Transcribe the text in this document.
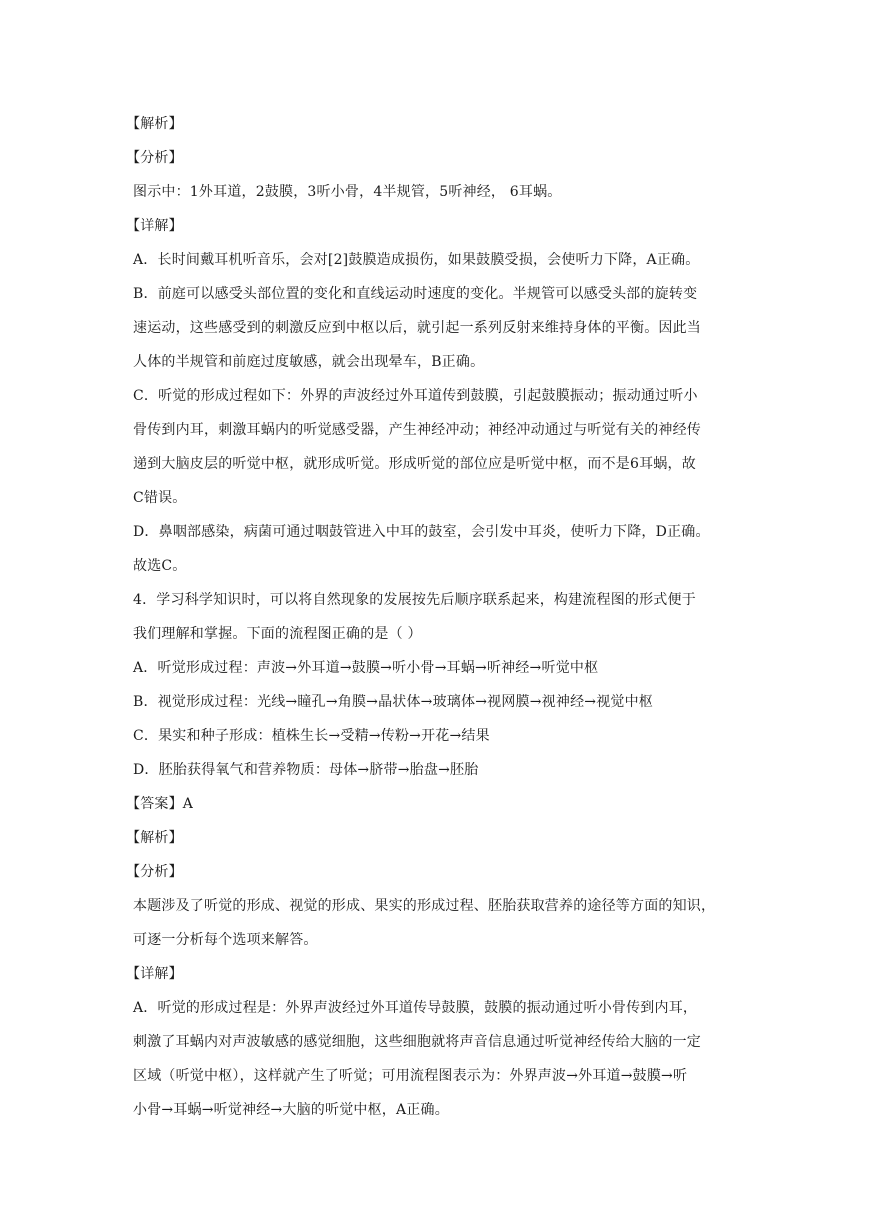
【解析】
【分析】
图示中：1外耳道，2鼓膜，3听小骨，4半规管，5听神经， 6耳蜗。
【详解】
A．长时间戴耳机听音乐，会对[2]鼓膜造成损伤，如果鼓膜受损，会使听力下降，A正确。
B．前庭可以感受头部位置的变化和直线运动时速度的变化。半规管可以感受头部的旋转变
速运动，这些感受到的刺激反应到中枢以后，就引起一系列反射来维持身体的平衡。因此当
人体的半规管和前庭过度敏感，就会出现晕车，B正确。
C．听觉的形成过程如下：外界的声波经过外耳道传到鼓膜，引起鼓膜振动；振动通过听小
骨传到内耳，刺激耳蜗内的听觉感受器，产生神经冲动；神经冲动通过与听觉有关的神经传
递到大脑皮层的听觉中枢，就形成听觉。形成听觉的部位应是听觉中枢，而不是6耳蜗，故
C错误。
D．鼻咽部感染，病菌可通过咽鼓管进入中耳的鼓室，会引发中耳炎，使听力下降，D正确。
故选C。
4．学习科学知识时，可以将自然现象的发展按先后顺序联系起来，构建流程图的形式便于
我们理解和掌握。下面的流程图正确的是（ ）
A．听觉形成过程：声波→外耳道→鼓膜→听小骨→耳蜗→听神经→听觉中枢
B．视觉形成过程：光线→瞳孔→角膜→晶状体→玻璃体→视网膜→视神经→视觉中枢
C．果实和种子形成：植株生长→受精→传粉→开花→结果
D．胚胎获得氧气和营养物质：母体→脐带→胎盘→胚胎
【答案】A
【解析】
【分析】
本题涉及了听觉的形成、视觉的形成、果实的形成过程、胚胎获取营养的途径等方面的知识，
可逐一分析每个选项来解答。
【详解】
A．听觉的形成过程是：外界声波经过外耳道传导鼓膜，鼓膜的振动通过听小骨传到内耳，
刺激了耳蜗内对声波敏感的感觉细胞，这些细胞就将声音信息通过听觉神经传给大脑的一定
区域（听觉中枢），这样就产生了听觉；可用流程图表示为：外界声波→外耳道→鼓膜→听
小骨→耳蜗→听觉神经→大脑的听觉中枢，A正确。
